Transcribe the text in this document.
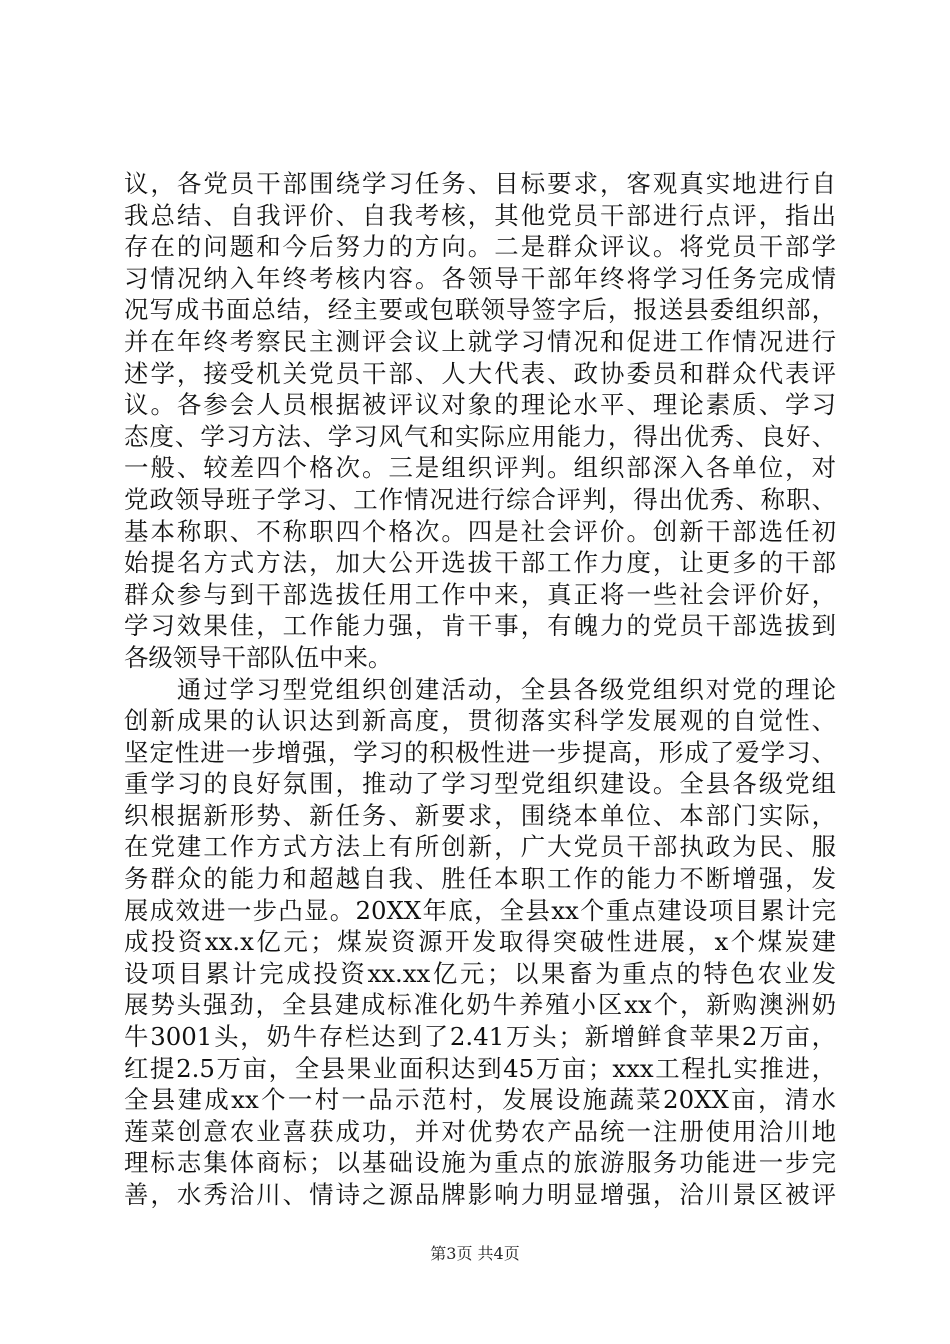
议，各党员干部围绕学习任务、目标要求，客观真实地进行自
我总结、自我评价、自我考核，其他党员干部进行点评，指出
存在的问题和今后努力的方向。二是群众评议。将党员干部学
习情况纳入年终考核内容。各领导干部年终将学习任务完成情
况写成书面总结，经主要或包联领导签字后，报送县委组织部，
并在年终考察民主测评会议上就学习情况和促进工作情况进行
述学，接受机关党员干部、人大代表、政协委员和群众代表评
议。各参会人员根据被评议对象的理论水平、理论素质、学习
态度、学习方法、学习风气和实际应用能力，得出优秀、良好、
一般、较差四个格次。三是组织评判。组织部深入各单位，对
党政领导班子学习、工作情况进行综合评判，得出优秀、称职、
基本称职、不称职四个格次。四是社会评价。创新干部选任初
始提名方式方法，加大公开选拔干部工作力度，让更多的干部
群众参与到干部选拔任用工作中来，真正将一些社会评价好，
学习效果佳，工作能力强，肯干事，有魄力的党员干部选拔到
各级领导干部队伍中来。
　　通过学习型党组织创建活动，全县各级党组织对党的理论
创新成果的认识达到新高度，贯彻落实科学发展观的自觉性、
坚定性进一步增强，学习的积极性进一步提高，形成了爱学习、
重学习的良好氛围，推动了学习型党组织建设。全县各级党组
织根据新形势、新任务、新要求，围绕本单位、本部门实际，
在党建工作方式方法上有所创新，广大党员干部执政为民、服
务群众的能力和超越自我、胜任本职工作的能力不断增强，发
展成效进一步凸显。20XX年底，全县xx个重点建设项目累计完
成投资xx.x亿元；煤炭资源开发取得突破性进展，x个煤炭建
设项目累计完成投资xx.xx亿元；以果畜为重点的特色农业发
展势头强劲，全县建成标准化奶牛养殖小区xx个，新购澳洲奶
牛3001头，奶牛存栏达到了2.41万头；新增鲜食苹果2万亩，
红提2.5万亩，全县果业面积达到45万亩；xxx工程扎实推进，
全县建成xx个一村一品示范村，发展设施蔬菜20XX亩，清水
莲菜创意农业喜获成功，并对优势农产品统一注册使用洽川地
理标志集体商标；以基础设施为重点的旅游服务功能进一步完
善，水秀洽川、情诗之源品牌影响力明显增强，洽川景区被评
第3页 共4页
